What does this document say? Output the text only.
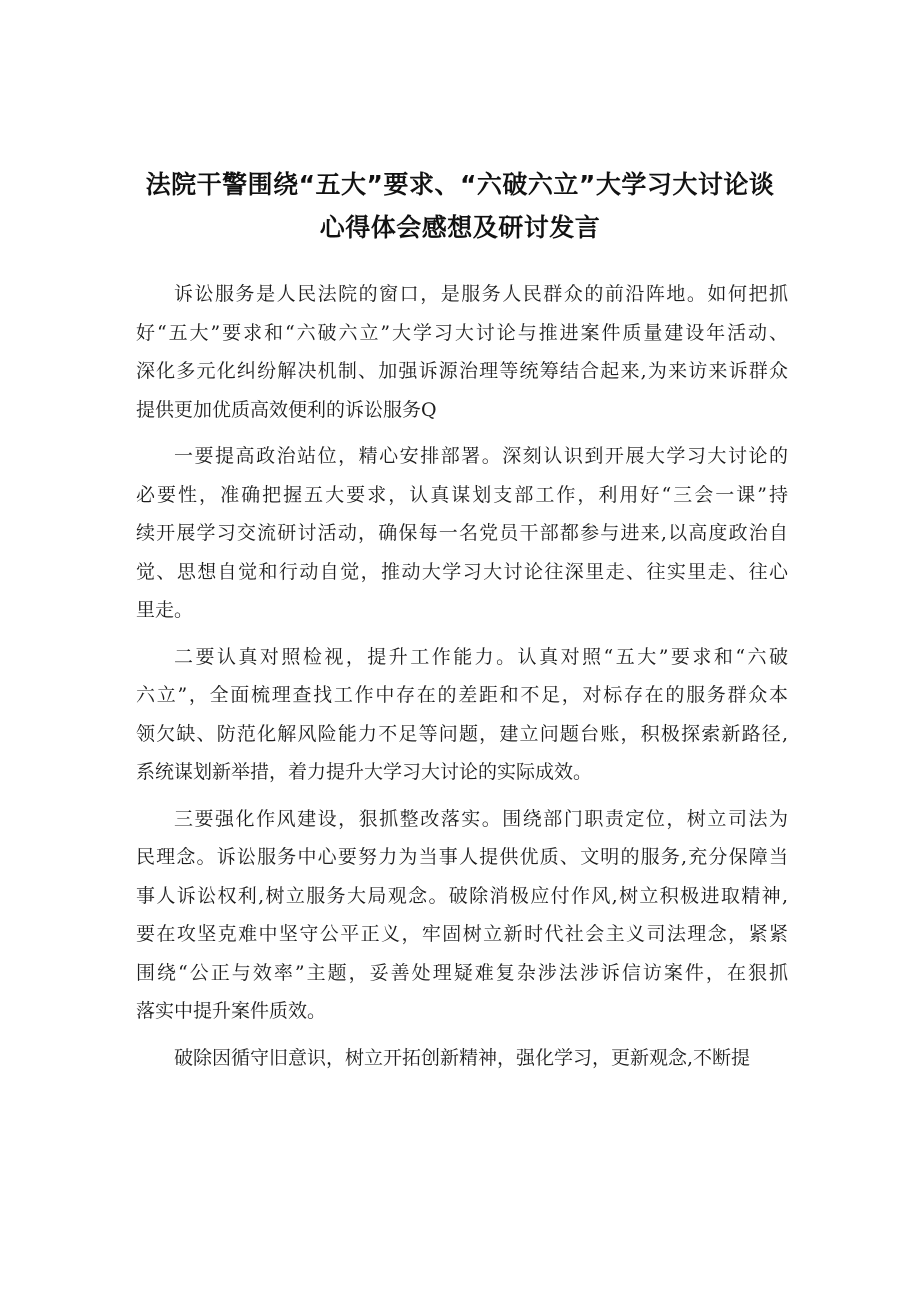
法院干警围绕“五大”要求、“六破六立”大学习大讨论谈
心得体会感想及研讨发言

诉讼服务是人民法院的窗口，是服务人民群众的前沿阵地。如何把抓
好“五大”要求和“六破六立”大学习大讨论与推进案件质量建设年活动、
深化多元化纠纷解决机制、加强诉源治理等统筹结合起来,为来访来诉群众
提供更加优质高效便利的诉讼服务Q

一要提高政治站位，精心安排部署。深刻认识到开展大学习大讨论的
必要性，准确把握五大要求，认真谋划支部工作，利用好“三会一课”持
续开展学习交流研讨活动，确保每一名党员干部都参与进来,以高度政治自
觉、思想自觉和行动自觉，推动大学习大讨论往深里走、往实里走、往心
里走。

二要认真对照检视，提升工作能力。认真对照“五大”要求和“六破
六立”，全面梳理查找工作中存在的差距和不足，对标存在的服务群众本
领欠缺、防范化解风险能力不足等问题，建立问题台账，积极探索新路径,
系统谋划新举措，着力提升大学习大讨论的实际成效。

三要强化作风建设，狠抓整改落实。围绕部门职责定位，树立司法为
民理念。诉讼服务中心要努力为当事人提供优质、文明的服务,充分保障当
事人诉讼权利,树立服务大局观念。破除消极应付作风,树立积极进取精神,
要在攻坚克难中坚守公平正义，牢固树立新时代社会主义司法理念，紧紧
围绕“公正与效率”主题，妥善处理疑难复杂涉法涉诉信访案件，在狠抓
落实中提升案件质效。

破除因循守旧意识，树立开拓创新精神，强化学习，更新观念,不断提
